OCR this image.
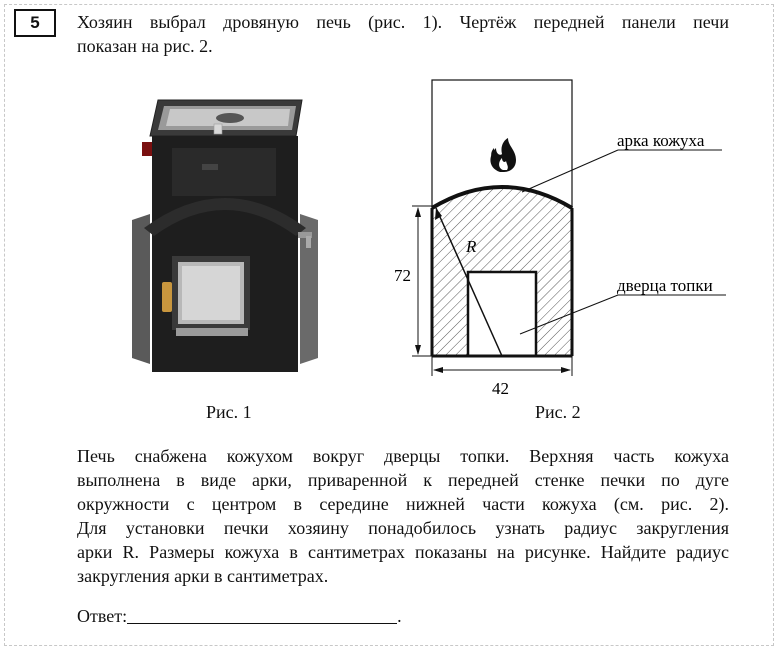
5	Хозяин выбрал дровяную печь (рис. 1). Чертёж передней панели печи
показан на рис. 2.
Рис. 1
R
арка кожуха
дверца топки
72
42
Рис. 2
Печь снабжена кожухом вокруг дверцы топки. Верхняя часть кожуха
выполнена в виде арки, приваренной к передней стенке печки по дуге
окружности с центром в середине нижней части кожуха (см. рис. 2).
Для установки печки хозяину понадобилось узнать радиус закругления
арки R. Размеры кожуха в сантиметрах показаны на рисунке. Найдите радиус
закругления арки в сантиметрах.
Ответ:	.
